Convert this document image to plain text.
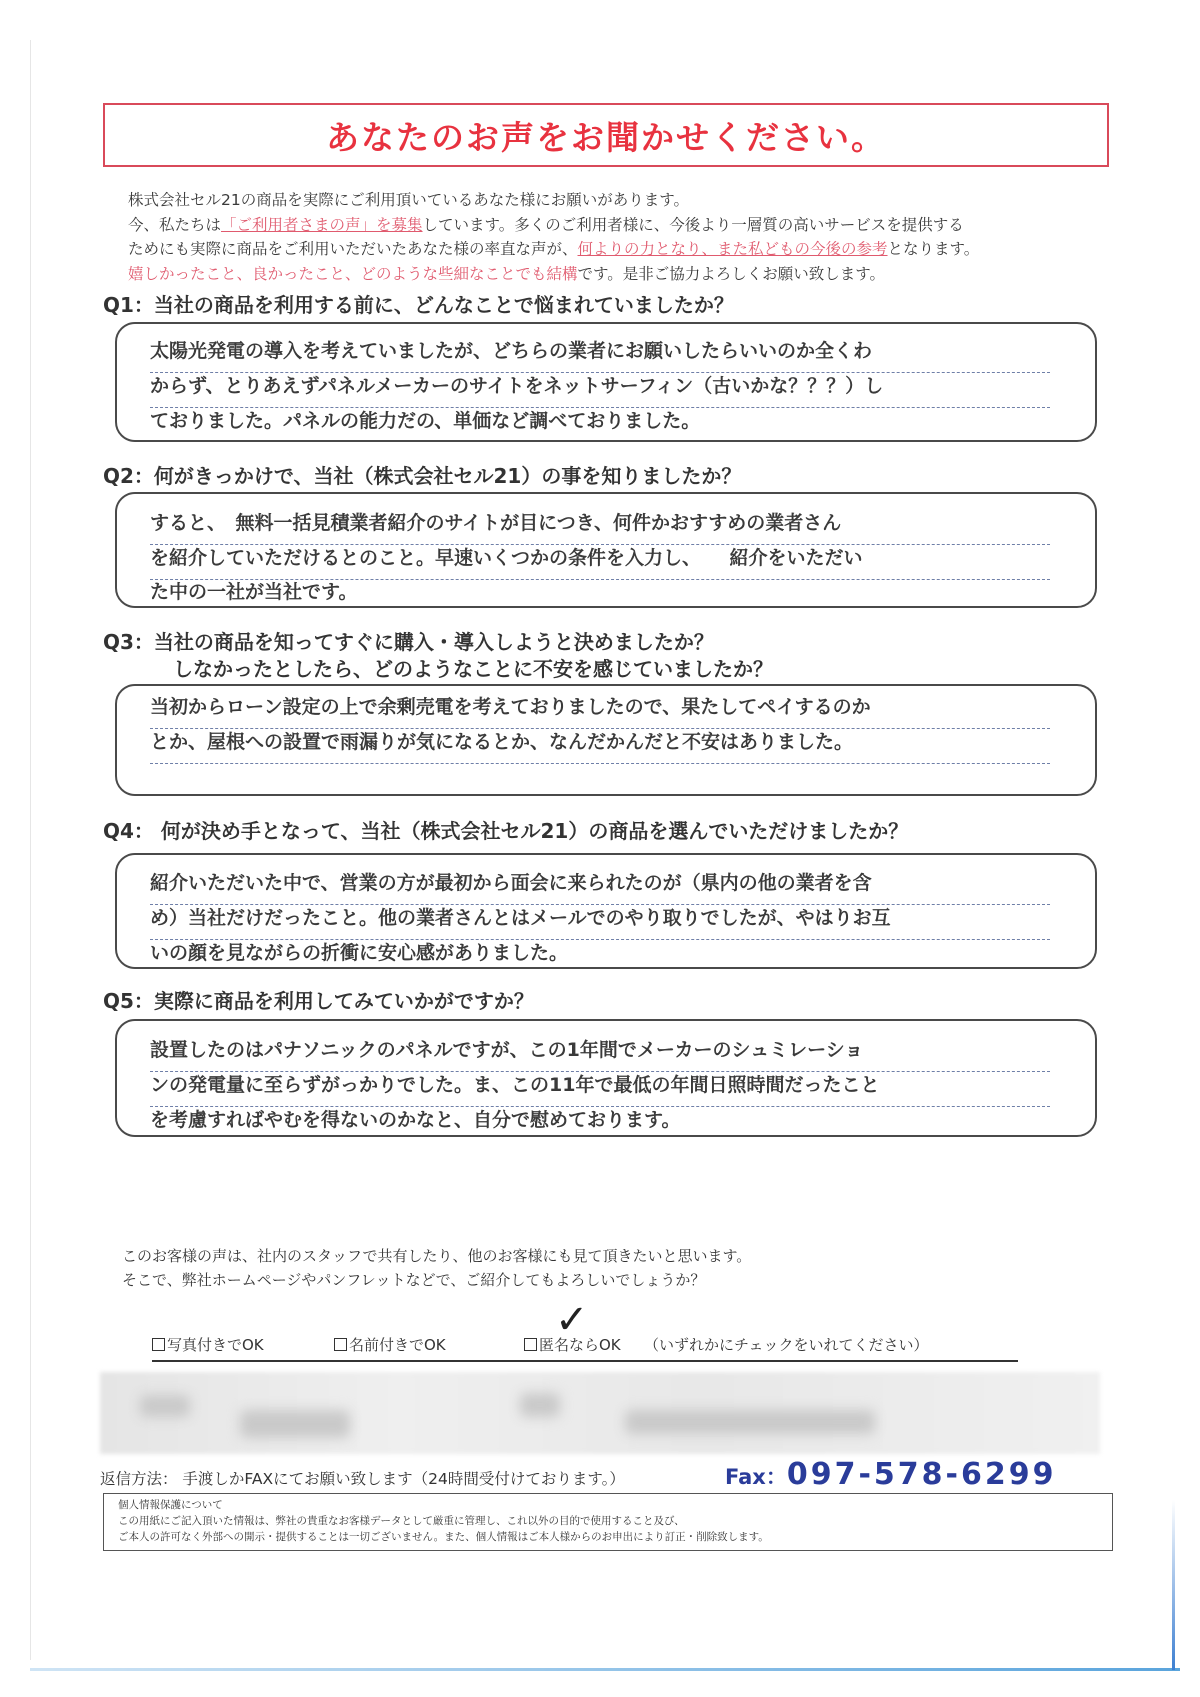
あなたのお声をお聞かせください。
株式会社セル21の商品を実際にご利用頂いているあなた様にお願いがあります。
今、私たちは「ご利用者さまの声」を募集しています。多くのご利用者様に、今後より一層質の高いサービスを提供する
ためにも実際に商品をご利用いただいたあなた様の率直な声が、何よりの力となり、また私どもの今後の参考となります。
嬉しかったこと、良かったこと、どのような些細なことでも結構です。是非ご協力よろしくお願い致します。
Q1：当社の商品を利用する前に、どんなことで悩まれていましたか？
太陽光発電の導入を考えていましたが、どちらの業者にお願いしたらいいのか全くわ
からず、とりあえずパネルメーカーのサイトをネットサーフィン（古いかな？？？）し
ておりました。パネルの能力だの、単価など調べておりました。
Q2：何がきっかけで、当社（株式会社セル21）の事を知りましたか？
すると、　無料一括見積業者紹介のサイトが目につき、何件かおすすめの業者さん
を紹介していただけるとのこと。早速いくつかの条件を入力し、　　紹介をいただい
た中の一社が当社です。
Q3：当社の商品を知ってすぐに購入・導入しようと決めましたか？
しなかったとしたら、どのようなことに不安を感じていましたか？
当初からローン設定の上で余剰売電を考えておりましたので、果たしてペイするのか
とか、屋根への設置で雨漏りが気になるとか、なんだかんだと不安はありました。
Q4： 何が決め手となって、当社（株式会社セル21）の商品を選んでいただけましたか？
紹介いただいた中で、営業の方が最初から面会に来られたのが（県内の他の業者を含
め）当社だけだったこと。他の業者さんとはメールでのやり取りでしたが、やはりお互
いの顔を見ながらの折衝に安心感がありました。
Q5：実際に商品を利用してみていかがですか？
設置したのはパナソニックのパネルですが、この1年間でメーカーのシュミレーショ
ンの発電量に至らずがっかりでした。ま、この11年で最低の年間日照時間だったこと
を考慮すればやむを得ないのかなと、自分で慰めております。
このお客様の声は、社内のスタッフで共有したり、他のお客様にも見て頂きたいと思います。
そこで、弊社ホームページやパンフレットなどで、ご紹介してもよろしいでしょうか？
写真付きでOK	名前付きでOK	匿名ならOK （いずれかにチェックをいれてください）
✓
返信方法： 手渡しかFAXにてお願い致します（24時間受付けております。）	Fax：097-578-6299
個人情報保護について
この用紙にご記入頂いた情報は、弊社の貴重なお客様データとして厳重に管理し、これ以外の目的で使用すること及び、
ご本人の許可なく外部への開示・提供することは一切ございません。また、個人情報はご本人様からのお申出により訂正・削除致します。
